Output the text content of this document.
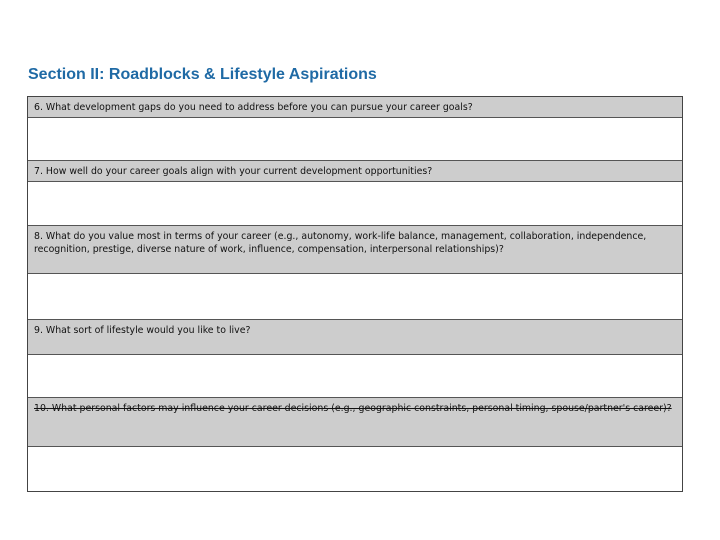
Section II: Roadblocks & Lifestyle Aspirations
6. What development gaps do you need to address before you can pursue your career goals?
7. How well do your career goals align with your current development opportunities?
8. What do you value most in terms of your career (e.g., autonomy, work-life balance, management, collaboration, independence, recognition, prestige, diverse nature of work, influence, compensation, interpersonal relationships)?
9. What sort of lifestyle would you like to live?
10. What personal factors may influence your career decisions (e.g., geographic constraints, personal timing, spouse/partner's career)?
